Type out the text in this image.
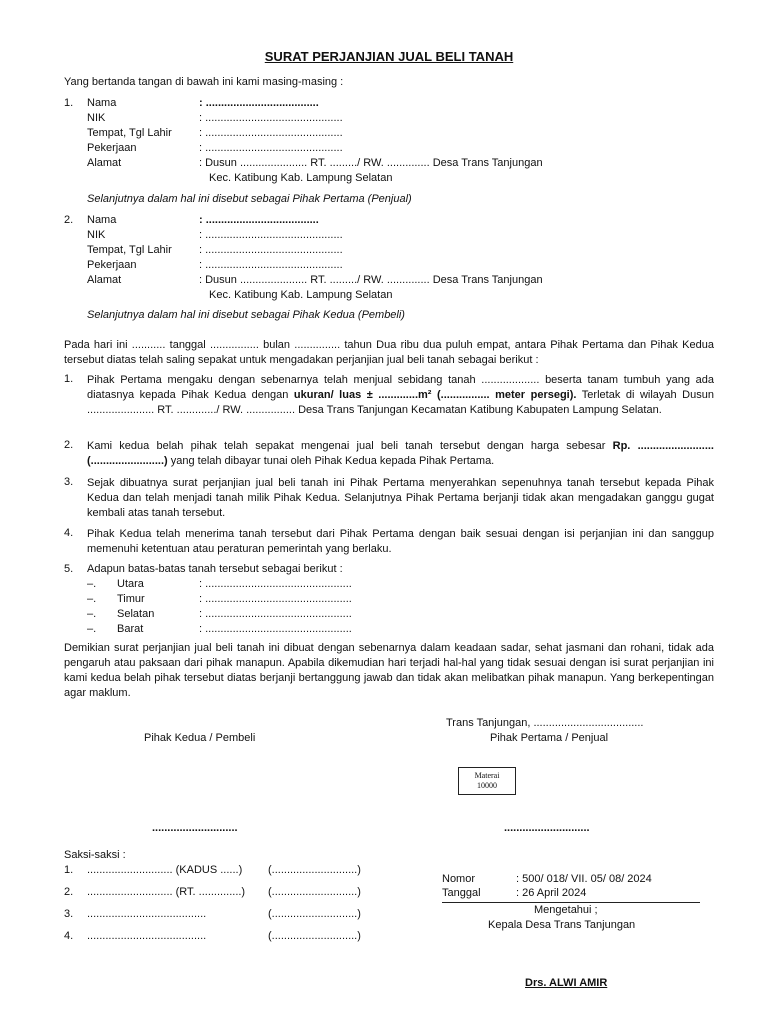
SURAT PERJANJIAN JUAL BELI TANAH
Yang bertanda tangan di bawah ini kami masing-masing :
1. Nama	: .....................................
NIK	: .............................................
Tempat, Tgl Lahir : .............................................
Pekerjaan	: .............................................
Alamat	: Dusun ...................... RT. ........./ RW. .............. Desa Trans Tanjungan
Kec. Katibung Kab. Lampung Selatan
Selanjutnya dalam hal ini disebut sebagai Pihak Pertama (Penjual)
2. Nama	: .....................................
NIK	: .............................................
Tempat, Tgl Lahir : .............................................
Pekerjaan	: .............................................
Alamat	: Dusun ...................... RT. ........./ RW. .............. Desa Trans Tanjungan
Kec. Katibung Kab. Lampung Selatan
Selanjutnya dalam hal ini disebut sebagai Pihak Kedua (Pembeli)
Pada hari ini ........... tanggal ................ bulan ............... tahun Dua ribu dua puluh empat, antara Pihak Pertama dan Pihak Kedua tersebut diatas telah saling sepakat untuk mengadakan perjanjian jual beli tanah sebagai berikut :
1. Pihak Pertama mengaku dengan sebenarnya telah menjual sebidang tanah ................... beserta tanam tumbuh yang ada diatasnya kepada Pihak Kedua dengan ukuran/ luas ± .............m² (................ meter persegi). Terletak di wilayah Dusun ...................... RT. ............./ RW. ................ Desa Trans Tanjungan Kecamatan Katibung Kabupaten Lampung Selatan.
2. Kami kedua belah pihak telah sepakat mengenai jual beli tanah tersebut dengan harga sebesar Rp. ......................... (........................) yang telah dibayar tunai oleh Pihak Kedua kepada Pihak Pertama.
3. Sejak dibuatnya surat perjanjian jual beli tanah ini Pihak Pertama menyerahkan sepenuhnya tanah tersebut kepada Pihak Kedua dan telah menjadi tanah milik Pihak Kedua. Selanjutnya Pihak Pertama berjanji tidak akan mengadakan ganggu gugat kembali atas tanah tersebut.
4. Pihak Kedua telah menerima tanah tersebut dari Pihak Pertama dengan baik sesuai dengan isi perjanjian ini dan sanggup memenuhi ketentuan atau peraturan pemerintah yang berlaku.
5. Adapun batas-batas tanah tersebut sebagai berikut :
–. Utara	: ................................................
–. Timur	: ................................................
–. Selatan	: ................................................
–. Barat	: ................................................
Demikian surat perjanjian jual beli tanah ini dibuat dengan sebenarnya dalam keadaan sadar, sehat jasmani dan rohani, tidak ada pengaruh atau paksaan dari pihak manapun. Apabila dikemudian hari terjadi hal-hal yang tidak sesuai dengan isi surat perjanjian ini kami kedua belah pihak tersebut diatas berjanji bertanggung jawab dan tidak akan melibatkan pihak manapun. Yang berkepentingan agar maklum.
Trans Tanjungan, ....................................
Pihak Kedua / Pembeli	Pihak Pertama / Penjual
Materai
10000
............................	............................
Saksi-saksi :
1. ............................ (KADUS ......) (............................)
2. ............................ (RT. ..............) (............................)
3. .......................................	(............................)
4. .......................................	(............................)
Nomor	: 500/ 018/ VII. 05/ 08/ 2024
Tanggal	: 26 April 2024
Mengetahui ;
Kepala Desa Trans Tanjungan
Drs. ALWI AMIR
